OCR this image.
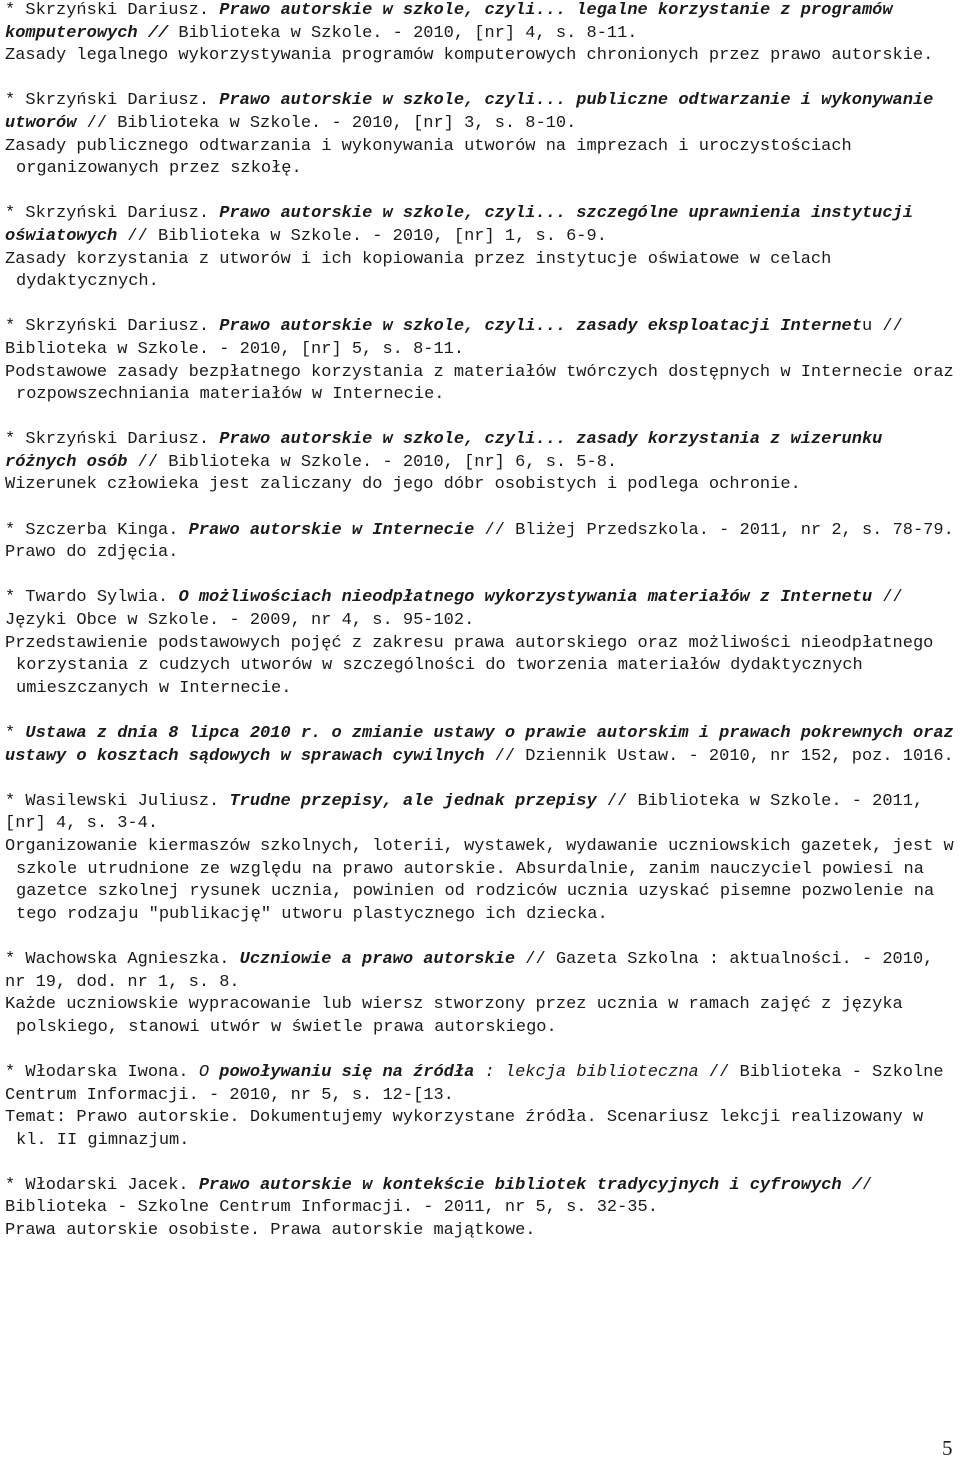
* Skrzyński Dariusz. Prawo autorskie w szkole, czyli... legalne korzystanie z programów komputerowych // Biblioteka w Szkole. - 2010, [nr] 4, s. 8-11.

Zasady legalnego wykorzystywania programów komputerowych chronionych przez prawo autorskie.

* Skrzyński Dariusz. Prawo autorskie w szkole, czyli... publiczne odtwarzanie i wykonywanie utworów // Biblioteka w Szkole. - 2010, [nr] 3, s. 8-10.

Zasady publicznego odtwarzania i wykonywania utworów na imprezach i uroczystościach organizowanych przez szkołę.

* Skrzyński Dariusz. Prawo autorskie w szkole, czyli... szczególne uprawnienia instytucji oświatowych // Biblioteka w Szkole. - 2010, [nr] 1, s. 6-9.

Zasady korzystania z utworów i ich kopiowania przez instytucje oświatowe w celach dydaktycznych.

* Skrzyński Dariusz. Prawo autorskie w szkole, czyli... zasady eksploatacji Internetu // Biblioteka w Szkole. - 2010, [nr] 5, s. 8-11.

Podstawowe zasady bezpłatnego korzystania z materiałów twórczych dostępnych w Internecie oraz rozpowszechniania materiałów w Internecie.

* Skrzyński Dariusz. Prawo autorskie w szkole, czyli... zasady korzystania z wizerunku różnych osób // Biblioteka w Szkole. - 2010, [nr] 6, s. 5-8.

Wizerunek człowieka jest zaliczany do jego dóbr osobistych i podlega ochronie.

* Szczerba Kinga. Prawo autorskie w Internecie // Bliżej Przedszkola. - 2011, nr 2, s. 78-79.

Prawo do zdjęcia.

* Twardo Sylwia. O możliwościach nieodpłatnego wykorzystywania materiałów z Internetu // Języki Obce w Szkole. - 2009, nr 4, s. 95-102.

Przedstawienie podstawowych pojęć z zakresu prawa autorskiego oraz możliwości nieodpłatnego korzystania z cudzych utworów w szczególności do tworzenia materiałów dydaktycznych umieszczanych w Internecie.

* Ustawa z dnia 8 lipca 2010 r. o zmianie ustawy o prawie autorskim i prawach pokrewnych oraz ustawy o kosztach sądowych w sprawach cywilnych // Dziennik Ustaw. - 2010, nr 152, poz. 1016.

* Wasilewski Juliusz. Trudne przepisy, ale jednak przepisy // Biblioteka w Szkole. - 2011, [nr] 4, s. 3-4.

Organizowanie kiermaszów szkolnych, loterii, wystawek, wydawanie uczniowskich gazetek, jest w szkole utrudnione ze względu na prawo autorskie. Absurdalnie, zanim nauczyciel powiesi na gazetce szkolnej rysunek ucznia, powinien od rodziców ucznia uzyskać pisemne pozwolenie na tego rodzaju "publikację" utworu plastycznego ich dziecka.

* Wachowska Agnieszka. Uczniowie a prawo autorskie // Gazeta Szkolna : aktualności. - 2010, nr 19, dod. nr 1, s. 8.

Każde uczniowskie wypracowanie lub wiersz stworzony przez ucznia w ramach zajęć z języka polskiego, stanowi utwór w świetle prawa autorskiego.

* Włodarska Iwona. O powoływaniu się na źródła : lekcja biblioteczna // Biblioteka - Szkolne Centrum Informacji. - 2010, nr 5, s. 12-[13.

Temat: Prawo autorskie. Dokumentujemy wykorzystane źródła. Scenariusz lekcji realizowany w kl. II gimnazjum.

* Włodarski Jacek. Prawo autorskie w kontekście bibliotek tradycyjnych i cyfrowych // Biblioteka - Szkolne Centrum Informacji. - 2011, nr 5, s. 32-35.

Prawa autorskie osobiste. Prawa autorskie majątkowe.

5
